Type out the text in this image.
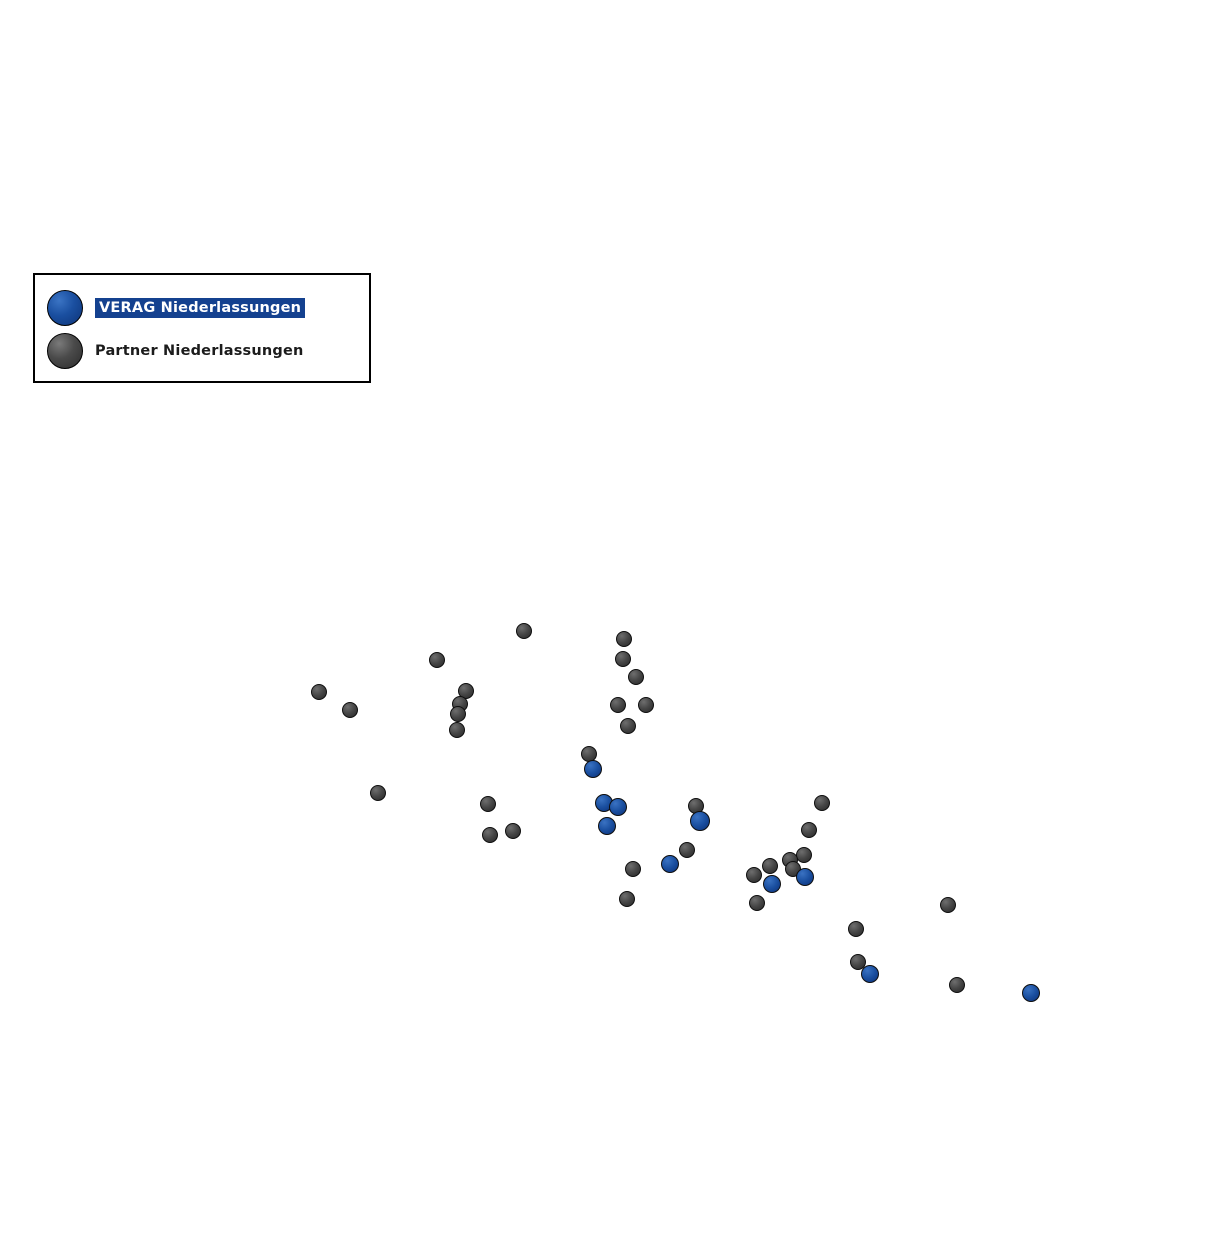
VERAG Niederlassungen
Partner Niederlassungen
